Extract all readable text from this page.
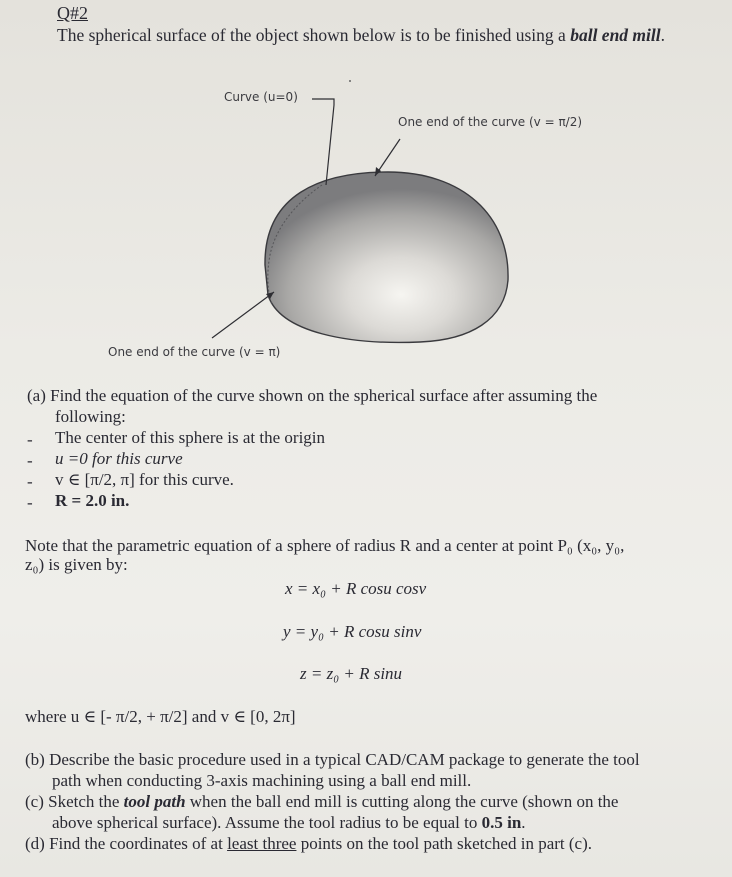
Q#2
The spherical surface of the object shown below is to be finished using a ball end mill.
Curve (u=0)
One end of the curve (v = π/2)
One end of the curve (v = π)
(a) Find the equation of the curve shown on the spherical surface after assuming the
following:
- The center of this sphere is at the origin
- u =0 for this curve
- v ∈ [π/2, π] for this curve.
- R = 2.0 in.
Note that the parametric equation of a sphere of radius R and a center at point P₀ (x₀, y₀,
z₀) is given by:
x = x₀ + R cosu cosv
y = y₀ + R cosu sinv
z = z₀ + R sinu
where u ∈ [- π/2, + π/2] and v ∈ [0, 2π]
(b) Describe the basic procedure used in a typical CAD/CAM package to generate the tool
path when conducting 3-axis machining using a ball end mill.
(c) Sketch the tool path when the ball end mill is cutting along the curve (shown on the
above spherical surface). Assume the tool radius to be equal to 0.5 in.
(d) Find the coordinates of at least three points on the tool path sketched in part (c).
